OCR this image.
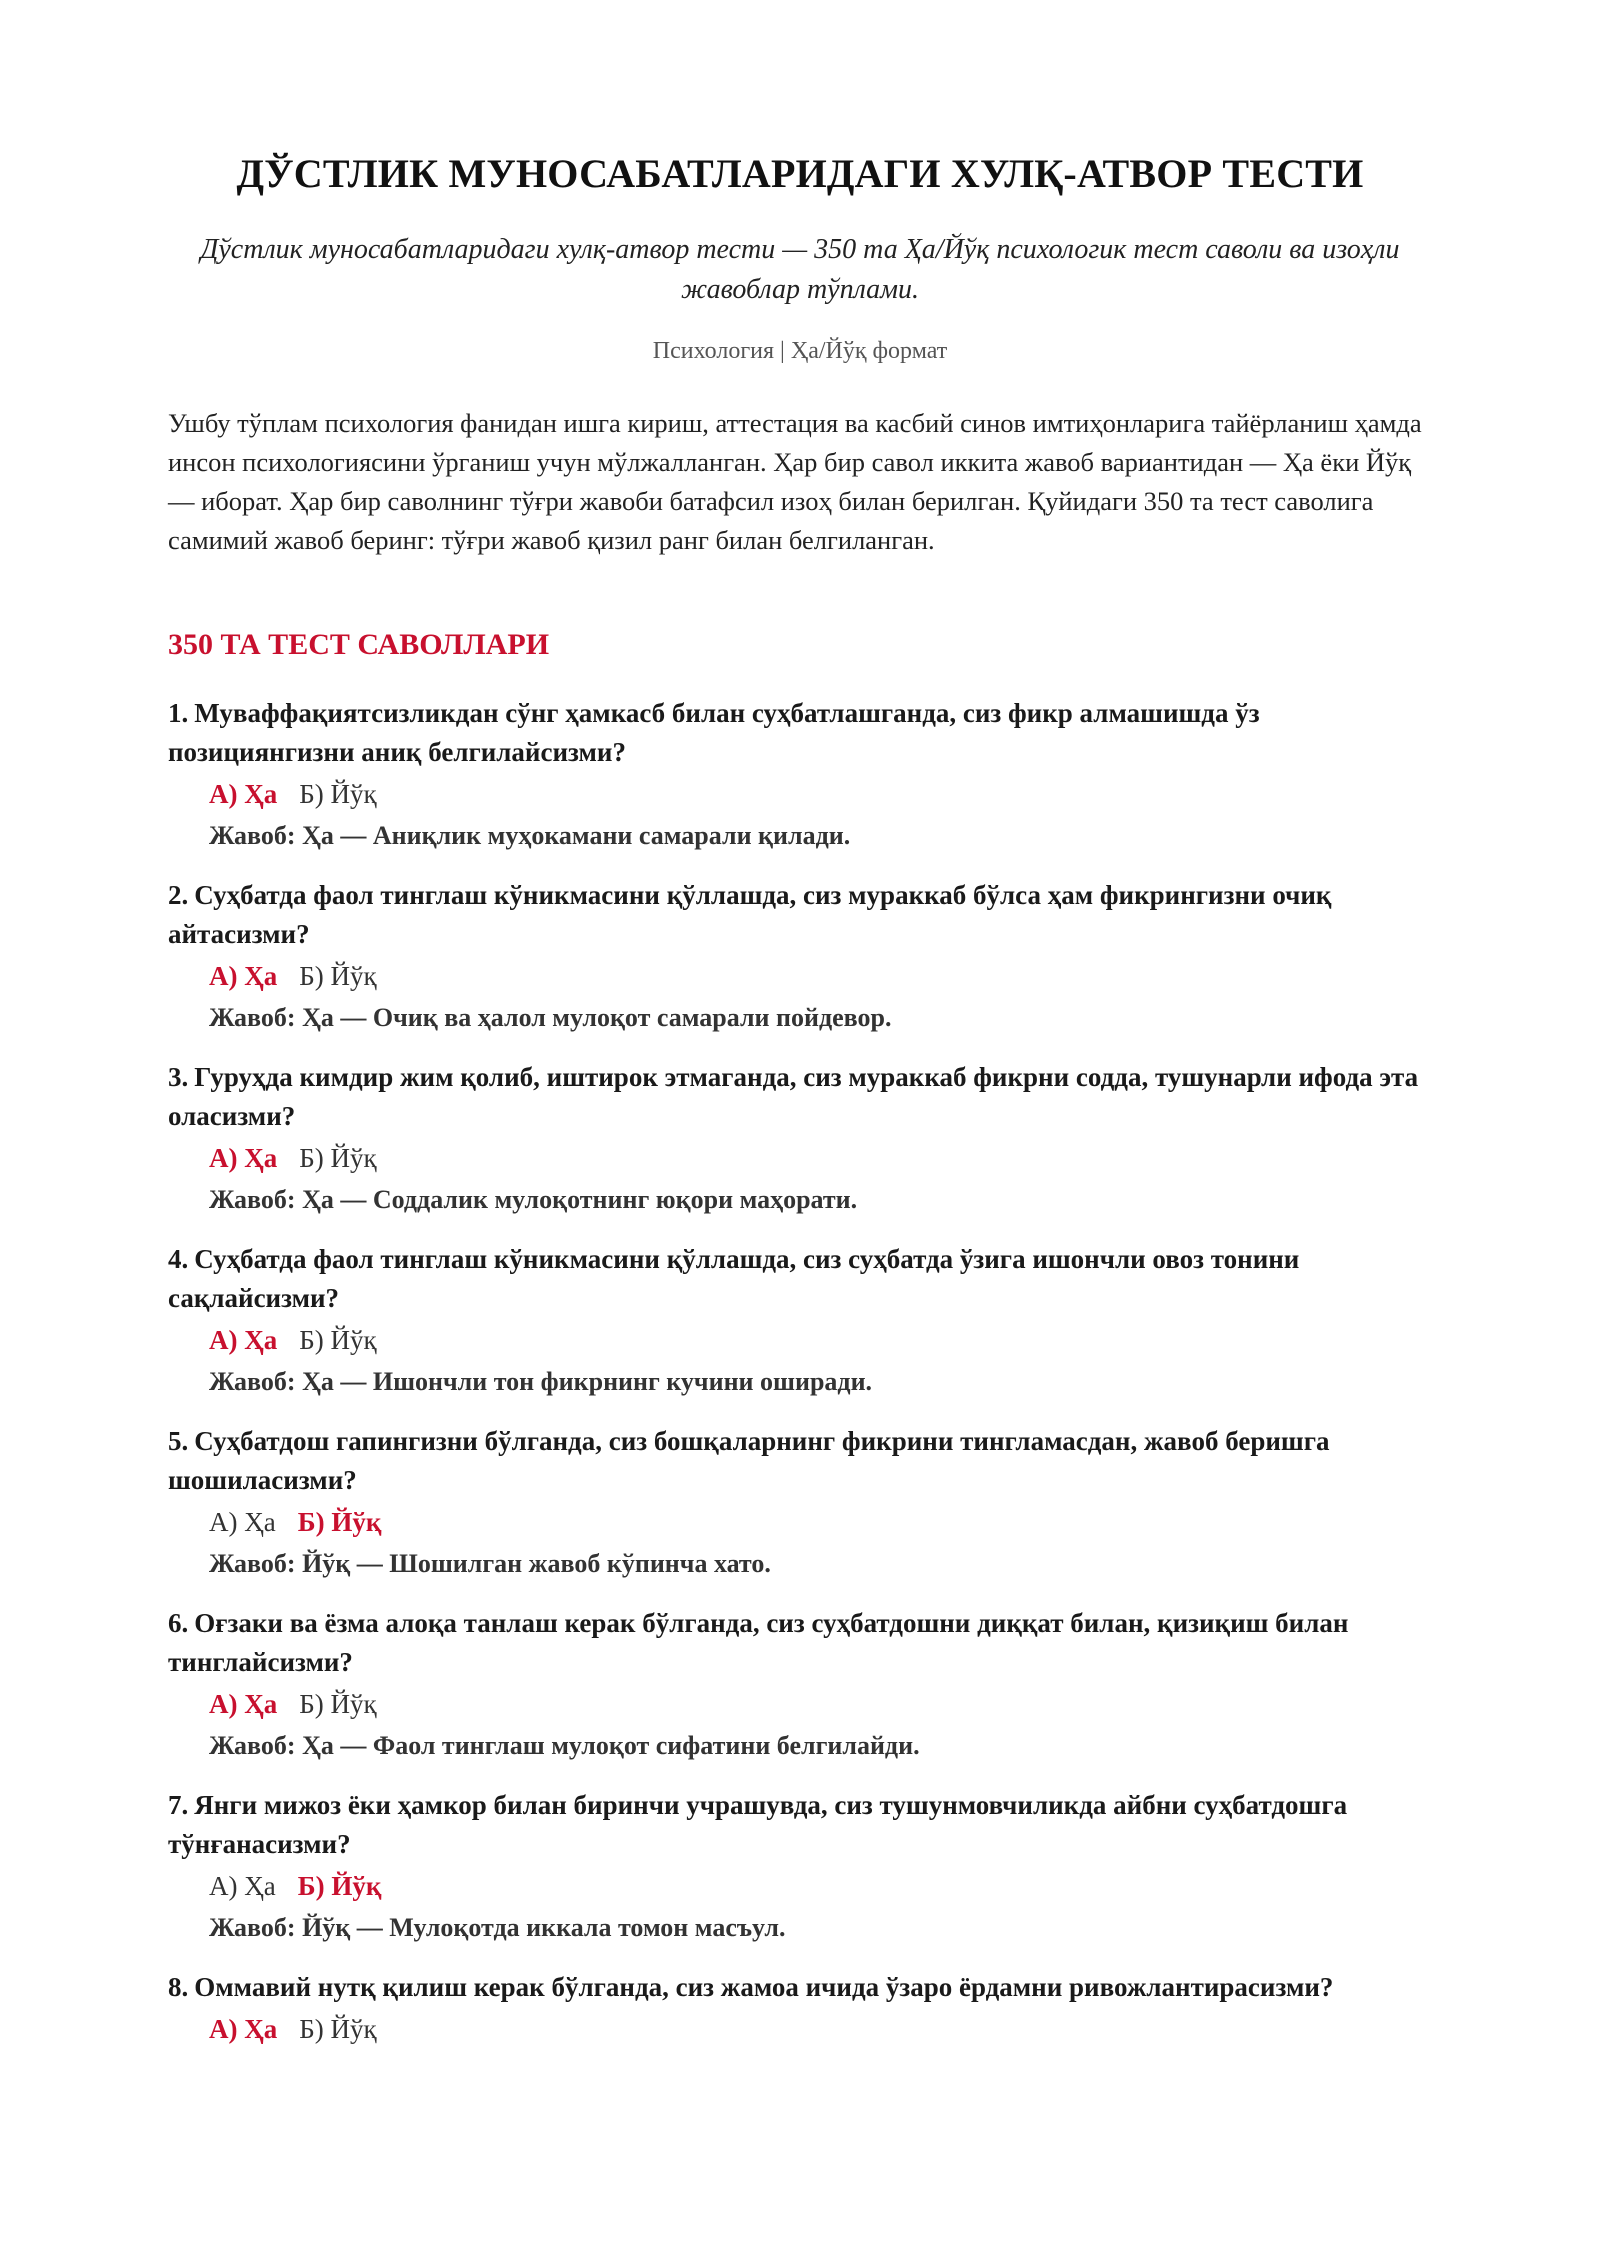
ДЎСТЛИК МУНОСАБАТЛАРИДАГИ ХУЛҚ-АТВОР ТЕСТИ

Дўстлик муносабатларидаги хулқ-атвор тести — 350 та Ҳа/Йўқ психологик тест саволи ва изоҳли жавоблар тўплами.

Психология | Ҳа/Йўқ формат

Ушбу тўплам психология фанидан ишга кириш, аттестация ва касбий синов имтиҳонларига тайёрланиш ҳамда инсон психологиясини ўрганиш учун мўлжалланган. Ҳар бир савол иккита жавоб вариантидан — Ҳа ёки Йўқ — иборат. Ҳар бир саволнинг тўғри жавоби батафсил изоҳ билан берилган. Қуйидаги 350 та тест саволига самимий жавоб беринг: тўғри жавоб қизил ранг билан белгиланган.

350 ТА ТЕСТ САВОЛЛАРИ

1. Муваффақиятсизликдан сўнг ҳамкасб билан суҳбатлашганда, сиз фикр алмашишда ўз позициянгизни аниқ белгилайсизми?

А) Ҳа Б) Йўқ
Жавоб: Ҳа — Аниқлик муҳокамани самарали қилади.

2. Суҳбатда фаол тинглаш кўникмасини қўллашда, сиз мураккаб бўлса ҳам фикрингизни очиқ айтасизми?

А) Ҳа Б) Йўқ
Жавоб: Ҳа — Очиқ ва ҳалол мулоқот самарали пойдевор.

3. Гуруҳда кимдир жим қолиб, иштирок этмаганда, сиз мураккаб фикрни содда, тушунарли ифода эта оласизми?

А) Ҳа Б) Йўқ
Жавоб: Ҳа — Соддалик мулоқотнинг юқори маҳорати.

4. Суҳбатда фаол тинглаш кўникмасини қўллашда, сиз суҳбатда ўзига ишончли овоз тонини сақлайсизми?

А) Ҳа Б) Йўқ
Жавоб: Ҳа — Ишончли тон фикрнинг кучини оширади.

5. Суҳбатдош гапингизни бўлганда, сиз бошқаларнинг фикрини тингламасдан, жавоб беришга шошиласизми?

А) Ҳа Б) Йўқ
Жавоб: Йўқ — Шошилган жавоб кўпинча хато.

6. Оғзаки ва ёзма алоқа танлаш керак бўлганда, сиз суҳбатдошни диққат билан, қизиқиш билан тинглайсизми?

А) Ҳа Б) Йўқ
Жавоб: Ҳа — Фаол тинглаш мулоқот сифатини белгилайди.

7. Янги мижоз ёки ҳамкор билан биринчи учрашувда, сиз тушунмовчиликда айбни суҳбатдошга тўнғанасизми?

А) Ҳа Б) Йўқ
Жавоб: Йўқ — Мулоқотда иккала томон масъул.

8. Оммавий нутқ қилиш керак бўлганда, сиз жамоа ичида ўзаро ёрдамни ривожлантирасизми?

А) Ҳа Б) Йўқ
